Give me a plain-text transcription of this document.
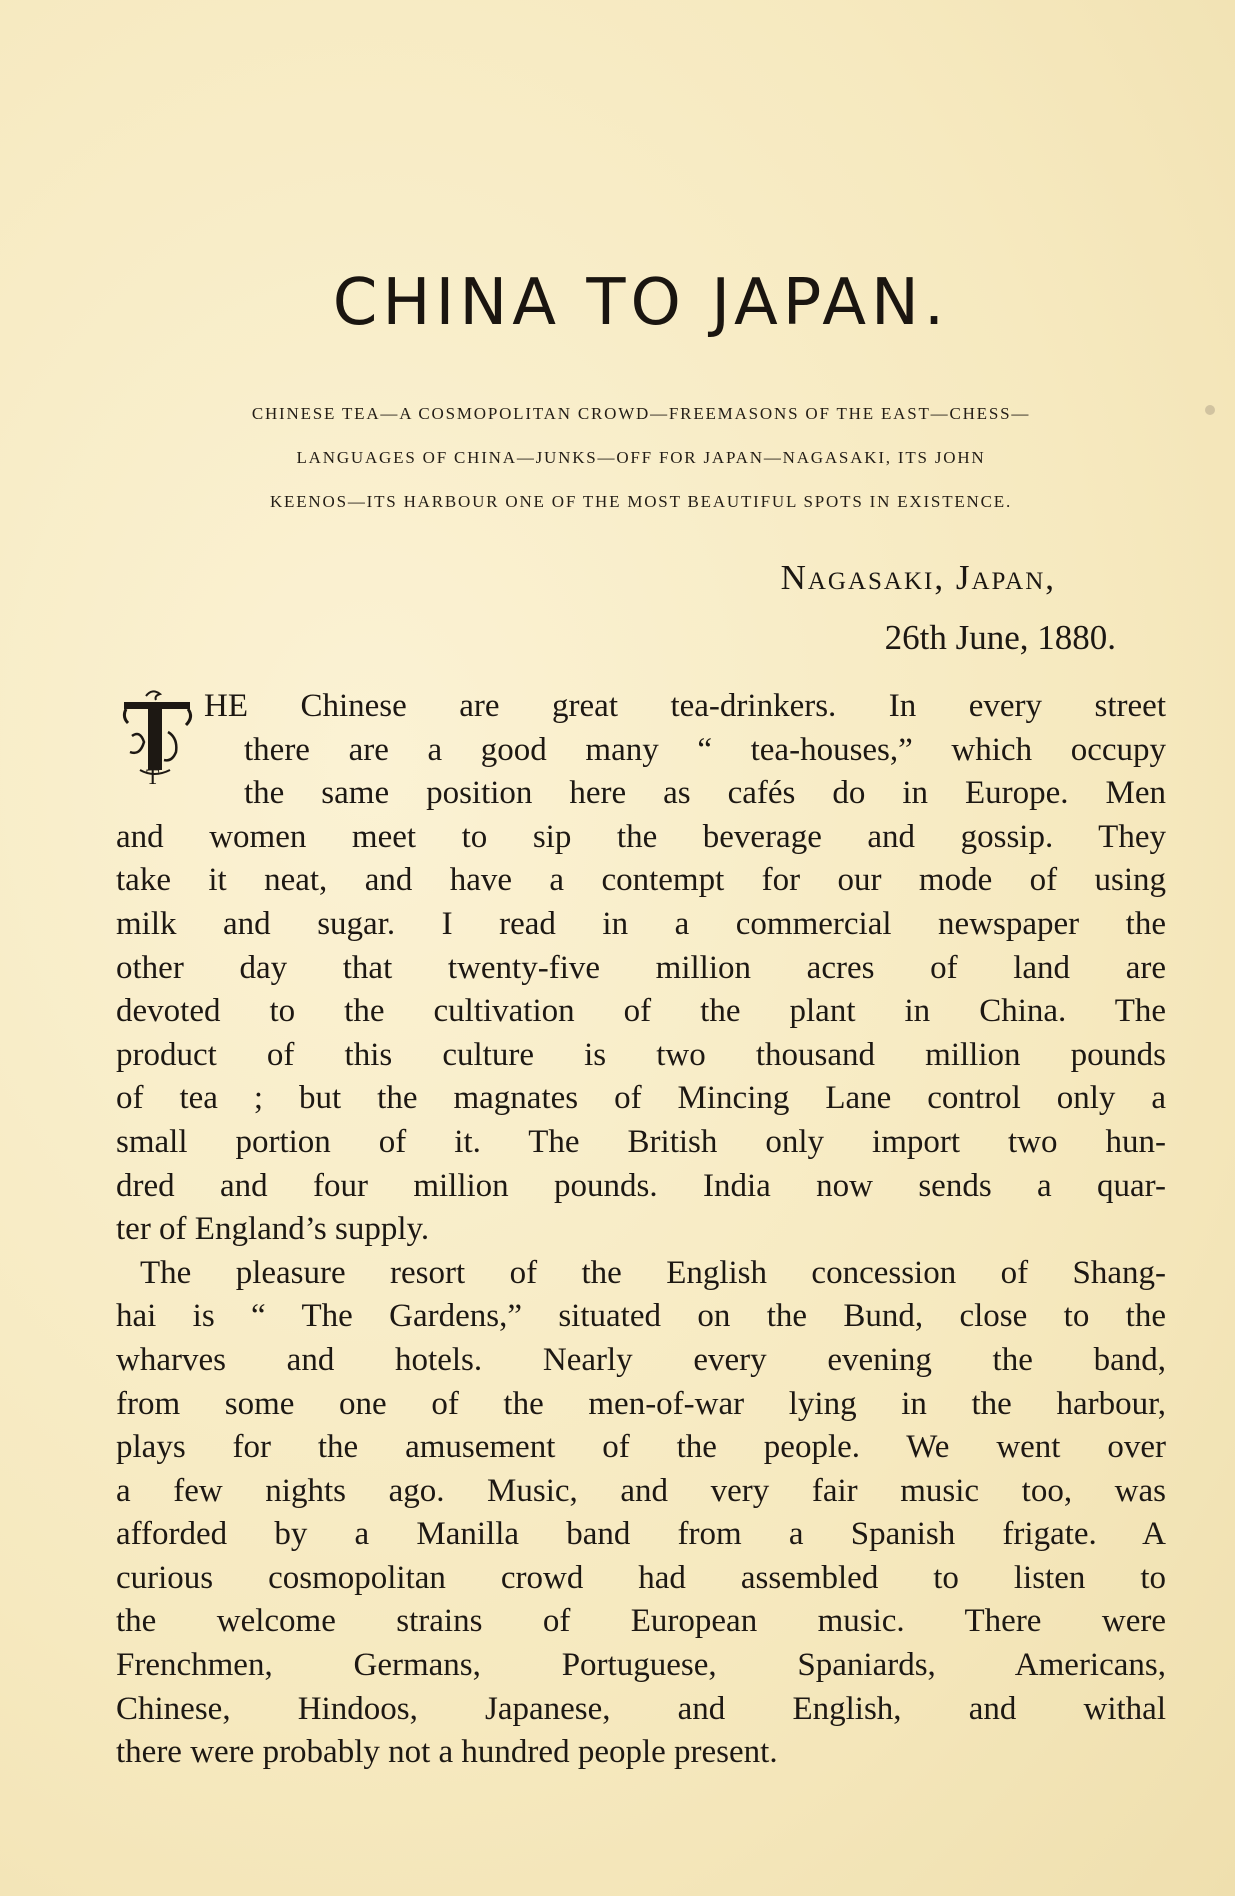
CHINA TO JAPAN.
CHINESE TEA—A COSMOPOLITAN CROWD—FREEMASONS OF THE EAST—CHESS—
LANGUAGES OF CHINA—JUNKS—OFF FOR JAPAN—NAGASAKI, ITS JOHN
KEENOS—ITS HARBOUR ONE OF THE MOST BEAUTIFUL SPOTS IN EXISTENCE.
Nagasaki, Japan,
26th June, 1880.
T
HE Chinese are great tea-drinkers. In every street
there are a good many “ tea-houses,” which occupy
the same position here as cafés do in Europe. Men
and women meet to sip the beverage and gossip. They
take it neat, and have a contempt for our mode of using
milk and sugar. I read in a commercial newspaper the
other day that twenty-five million acres of land are
devoted to the cultivation of the plant in China. The
product of this culture is two thousand million pounds
of tea ; but the magnates of Mincing Lane control only a
small portion of it. The British only import two hun-
dred and four million pounds. India now sends a quar-
ter of England’s supply.
The pleasure resort of the English concession of Shang-
hai is “ The Gardens,” situated on the Bund, close to the
wharves and hotels. Nearly every evening the band,
from some one of the men-of-war lying in the harbour,
plays for the amusement of the people. We went over
a few nights ago. Music, and very fair music too, was
afforded by a Manilla band from a Spanish frigate. A
curious cosmopolitan crowd had assembled to listen to
the welcome strains of European music. There were
Frenchmen, Germans, Portuguese, Spaniards, Americans,
Chinese, Hindoos, Japanese, and English, and withal
there were probably not a hundred people present.
